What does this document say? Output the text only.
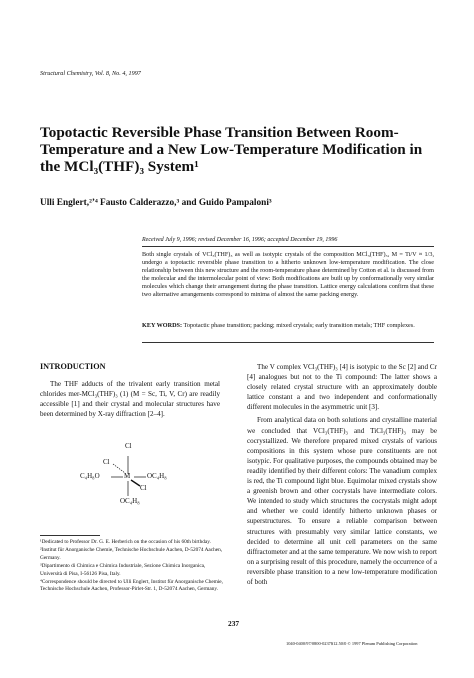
Structural Chemistry, Vol. 8, No. 4, 1997
Topotactic Reversible Phase Transition Between Room-Temperature and a New Low-Temperature Modification in the MCl₃(THF)₃ System¹
Ulli Englert,²ʼ⁴ Fausto Calderazzo,³ and Guido Pampaloni³
Received July 9, 1996; revised December 16, 1996; accepted December 19, 1996
Both single crystals of VCl₃(THF)₃ as well as isotypic crystals of the composition MCl₃(THF)₃, M = Ti/V ≈ 1/3, undergo a topotactic reversible phase transition to a hitherto unknown low-temperature modification. The close relationship between this new structure and the room-temperature phase determined by Cotton et al. is discussed from the molecular and the intermolecular point of view: Both modifications are built up by conformationally very similar molecules which change their arrangement during the phase transition. Lattice energy calculations confirm that these two alternative arrangements correspond to minima of almost the same packing energy.
KEY WORDS: Topotactic phase transition; packing; mixed crystals; early transition metals; THF complexes.
INTRODUCTION

The THF adducts of the trivalent early transition metal chlorides mer-MCl₃(THF)₃ (1) (M = Sc, Ti, V, Cr) are readily accessible [1] and their crystal and molecular structures have been determined by X-ray diffraction [2–4].

Cl
Cl
C₄H₈O	M OC₄H₈
Cl
OC₄H₈

¹Dedicated to Professor Dr. G. E. Herberich on the occasion of his 60th birthday.

²Institut für Anorganische Chemie, Technische Hochschule Aachen, D-52074 Aachen, Germany.

³Dipartimento di Chimica e Chimica Industriale, Sezione Chimica Inorganica, Università di Pisa, I-56126 Pisa, Italy.

⁴Correspondence should be directed to Ulli Englert, Institut für Anorganische Chemie, Technische Hochschule Aachen, Professor-Pirlet-Str. 1, D-52074 Aachen, Germany.

The V complex VCl₃(THF)₃ [4] is isotypic to the Sc [2] and Cr [4] analogues but not to the Ti compound: The latter shows a closely related crystal structure with an approximately double lattice constant a and two independent and conformationally different molecules in the asymmetric unit [3].

From analytical data on both solutions and crystalline material we concluded that VCl₃(THF)₃ and TiCl₃(THF)₃ may be cocrystallized. We therefore prepared mixed crystals of various compositions in this system whose pure constituents are not isotypic. For qualitative purposes, the compounds obtained may be readily identified by their different colors: The vanadium complex is red, the Ti compound light blue. Equimolar mixed crystals show a greenish brown and other cocrystals have intermediate colors. We intended to study which structures the cocrystals might adopt and whether we could identify hitherto unknown phases or superstructures. To ensure a reliable comparison between structures with presumably very similar lattice constants, we decided to determine all unit cell parameters on the same diffractometer and at the same temperature. We now wish to report on a surprising result of this procedure, namely the occurrence of a reversible phase transition to a new low-temperature modification of both

237
1040-0400/97/0800-0237$12.50/0 © 1997 Plenum Publishing Corporation
